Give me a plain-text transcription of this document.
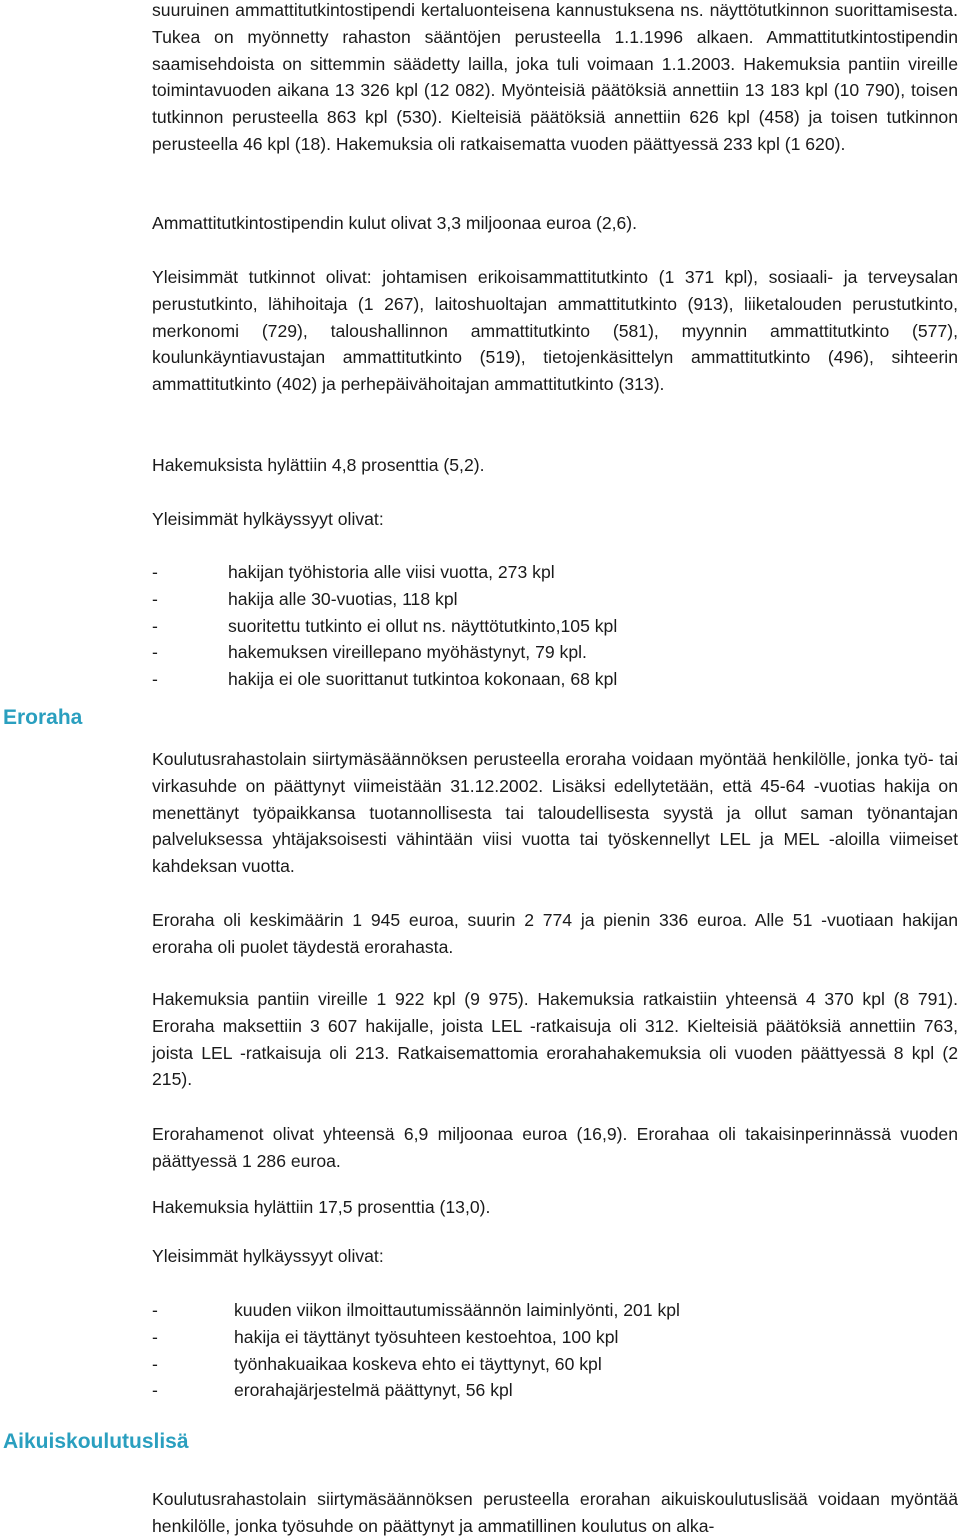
suuruinen ammattitutkintostipendi kertaluonteisena kannustuksena ns. näyttötutkinnon suorittamisesta. Tukea on myönnetty rahaston sääntöjen perusteella 1.1.1996 alkaen. Ammattitutkintostipendin saamisehdoista on sittemmin säädetty lailla, joka tuli voimaan 1.1.2003. Hakemuksia pantiin vireille toimintavuoden aikana 13 326 kpl (12 082). Myönteisiä päätöksiä annettiin 13 183 kpl (10 790), toisen tutkinnon perusteella 863 kpl (530). Kielteisiä päätöksiä annettiin 626 kpl (458) ja toisen tutkinnon perusteella 46 kpl (18). Hakemuksia oli ratkaisematta vuoden päättyessä 233 kpl (1 620).

Ammattitutkintostipendin kulut olivat 3,3 miljoonaa euroa (2,6).

Yleisimmät tutkinnot olivat: johtamisen erikoisammattitutkinto (1 371 kpl), sosiaali- ja terveysalan perustutkinto, lähihoitaja (1 267), laitoshuoltajan ammattitutkinto (913), liiketalouden perustutkinto, merkonomi (729), taloushallinnon ammattitutkinto (581), myynnin ammattitutkinto (577), koulunkäyntiavustajan ammattitutkinto (519), tietojenkäsittelyn ammattitutkinto (496), sihteerin ammattitutkinto (402) ja perhepäivähoitajan ammattitutkinto (313).

Hakemuksista hylättiin 4,8 prosenttia (5,2).

Yleisimmät hylkäyssyyt olivat:

-	hakijan työhistoria alle viisi vuotta, 273 kpl
-	hakija alle 30-vuotias, 118 kpl
-	suoritettu tutkinto ei ollut ns. näyttötutkinto,105 kpl
-	hakemuksen vireillepano myöhästynyt, 79 kpl.
-	hakija ei ole suorittanut tutkintoa kokonaan, 68 kpl
Eroraha

Koulutusrahastolain siirtymäsäännöksen perusteella eroraha voidaan myöntää henkilölle, jonka työ- tai virkasuhde on päättynyt viimeistään 31.12.2002. Lisäksi edellytetään, että 45-64 -vuotias hakija on menettänyt työpaikkansa tuotannollisesta tai taloudellisesta syystä ja ollut saman työnantajan palveluksessa yhtäjaksoisesti vähintään viisi vuotta tai työskennellyt LEL ja MEL -aloilla viimeiset kahdeksan vuotta.

Eroraha oli keskimäärin 1 945 euroa, suurin 2 774 ja pienin 336 euroa. Alle 51 -vuotiaan hakijan eroraha oli puolet täydestä erorahasta.

Hakemuksia pantiin vireille 1 922 kpl (9 975). Hakemuksia ratkaistiin yhteensä 4 370 kpl (8 791). Eroraha maksettiin 3 607 hakijalle, joista LEL -ratkaisuja oli 312. Kielteisiä päätöksiä annettiin 763, joista LEL -ratkaisuja oli 213. Ratkaisemattomia erorahahakemuksia oli vuoden päättyessä 8 kpl (2 215).

Erorahamenot olivat yhteensä 6,9 miljoonaa euroa (16,9). Erorahaa oli takaisinperinnässä vuoden päättyessä 1 286 euroa.

Hakemuksia hylättiin 17,5 prosenttia (13,0).

Yleisimmät hylkäyssyyt olivat:

-	kuuden viikon ilmoittautumissäännön laiminlyönti, 201 kpl
-	hakija ei täyttänyt työsuhteen kestoehtoa, 100 kpl
-	työnhakuaikaa koskeva ehto ei täyttynyt, 60 kpl
-	erorahajärjestelmä päättynyt, 56 kpl
Aikuiskoulutuslisä

Koulutusrahastolain siirtymäsäännöksen perusteella erorahan aikuiskoulutuslisää voidaan myöntää henkilölle, jonka työsuhde on päättynyt ja ammatillinen koulutus on alka-
